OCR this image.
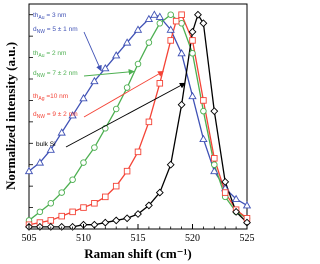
505	510	515	520	525
$th_{Au} = 3$ nm
$d_{NW} = 5 \pm 1$ nm
$th_{Au} = 2$ nm
$d_{NW} = 7 \pm 2$ nm
$th_{Ag} =10$ nm
$d_{NW} = 9 \pm 2$ nm
bulk Si
Raman shift (cm⁻¹)
Normalized intensity (a.u.)
